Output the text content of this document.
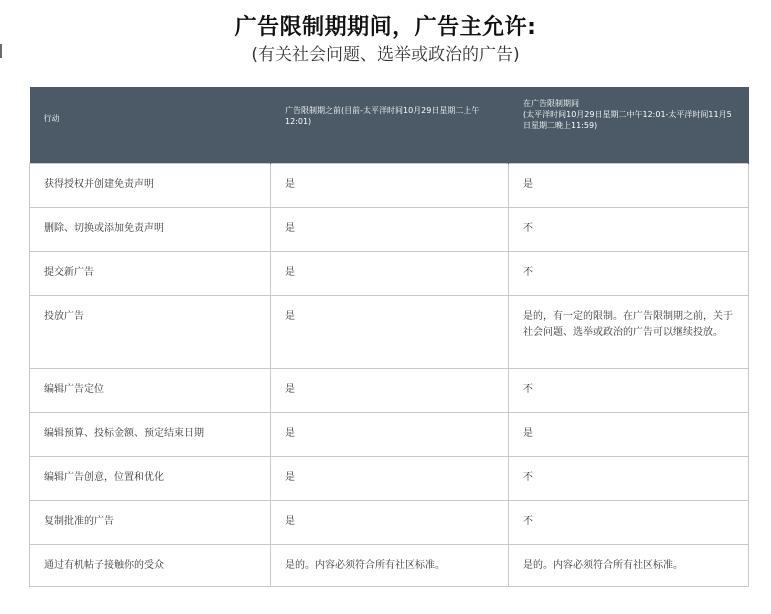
广告限制期期间，广告主允许:
(有关社会问题、选举或政治的广告)
行动	广告限制期之前(目前-太平洋时间10月29日星期二上午12:01)	在广告限制期间
(太平洋时间10月29日星期二中午12:01-太平洋时间11月5日星期二晚上11:59)
获得授权并创建免责声明	是	是
删除、切换或添加免责声明	是	不
提交新广告	是	不
投放广告	是	是的，有一定的限制。在广告限制期之前，关于社会问题、选举或政治的广告可以继续投放。
编辑广告定位	是	不
编辑预算、投标金额、预定结束日期	是	是
编辑广告创意，位置和优化	是	不
复制批准的广告	是	不
通过有机帖子接触你的受众	是的。内容必须符合所有社区标准。	是的。内容必须符合所有社区标准。
